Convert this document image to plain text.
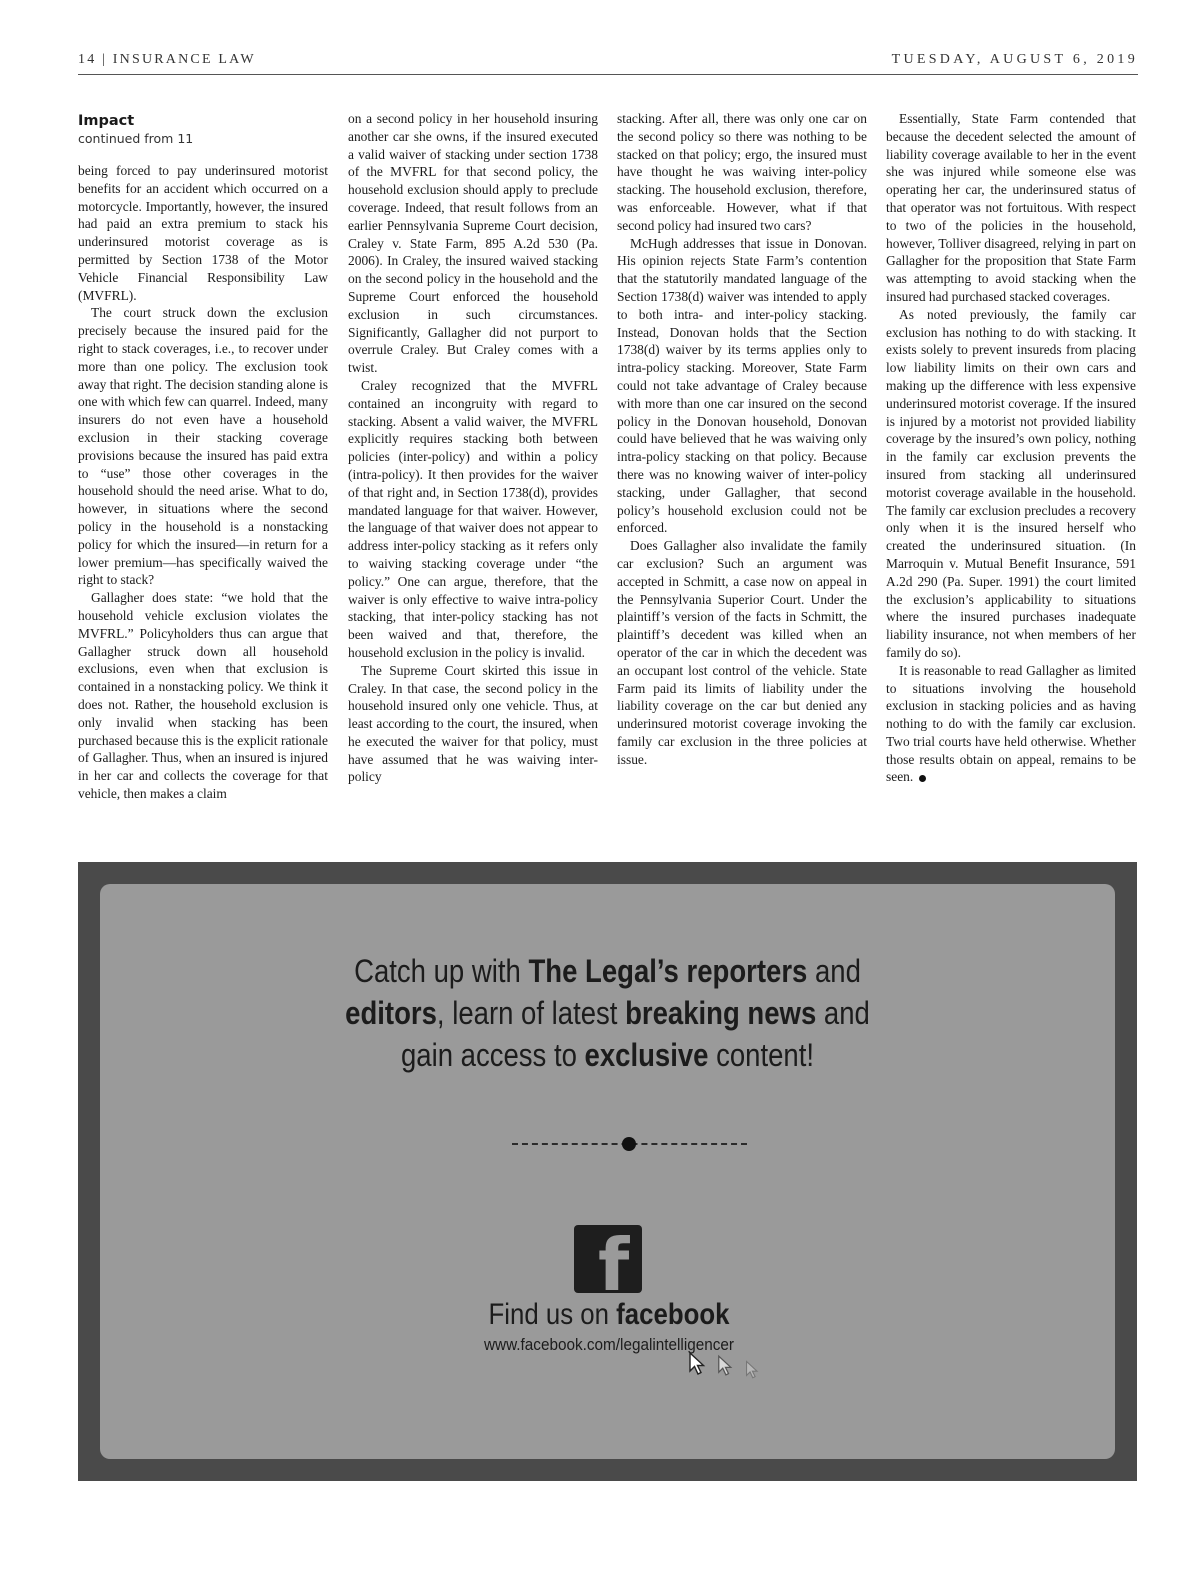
14 | INSURANCE LAW	TUESDAY, AUGUST 6, 2019
Impact
continued from 11

being forced to pay underinsured motorist benefits for an accident which occurred on a motorcycle. Importantly, however, the insured had paid an extra premium to stack his underinsured motorist coverage as is permitted by Section 1738 of the Motor Vehicle Financial Responsibility Law (MVFRL).

The court struck down the exclusion precisely because the insured paid for the right to stack coverages, i.e., to recover under more than one policy. The exclusion took away that right. The decision standing alone is one with which few can quarrel. Indeed, many insurers do not even have a household exclusion in their stacking coverage provisions because the insured has paid extra to “use” those other coverages in the household should the need arise. What to do, however, in situations where the second policy in the household is a nonstacking policy for which the insured—in return for a lower premium—has specifically waived the right to stack?

Gallagher does state: “we hold that the household vehicle exclusion violates the MVFRL.” Policyholders thus can argue that Gallagher struck down all household exclusions, even when that exclusion is contained in a nonstacking policy. We think it does not. Rather, the household exclusion is only invalid when stacking has been purchased because this is the explicit rationale of Gallagher. Thus, when an insured is injured in her car and collects the coverage for that vehicle, then makes a claim

on a second policy in her household insuring another car she owns, if the insured executed a valid waiver of stacking under section 1738 of the MVFRL for that second policy, the household exclusion should apply to preclude coverage. Indeed, that result follows from an earlier Pennsylvania Supreme Court decision, Craley v. State Farm, 895 A.2d 530 (Pa. 2006). In Craley, the insured waived stacking on the second policy in the household and the Supreme Court enforced the household exclusion in such circumstances. Significantly, Gallagher did not purport to overrule Craley. But Craley comes with a twist.

Craley recognized that the MVFRL contained an incongruity with regard to stacking. Absent a valid waiver, the MVFRL explicitly requires stacking both between policies (inter-policy) and within a policy (intra-policy). It then provides for the waiver of that right and, in Section 1738(d), provides mandated language for that waiver. However, the language of that waiver does not appear to address inter-policy stacking as it refers only to waiving stacking coverage under “the policy.” One can argue, therefore, that the waiver is only effective to waive intra-policy stacking, that inter-policy stacking has not been waived and that, therefore, the household exclusion in the policy is invalid.

The Supreme Court skirted this issue in Craley. In that case, the second policy in the household insured only one vehicle. Thus, at least according to the court, the insured, when he executed the waiver for that policy, must have assumed that he was waiving inter-policy

stacking. After all, there was only one car on the second policy so there was nothing to be stacked on that policy; ergo, the insured must have thought he was waiving inter-policy stacking. The household exclusion, therefore, was enforceable. However, what if that second policy had insured two cars?

McHugh addresses that issue in Donovan. His opinion rejects State Farm’s contention that the statutorily mandated language of the Section 1738(d) waiver was intended to apply to both intra- and inter-policy stacking. Instead, Donovan holds that the Section 1738(d) waiver by its terms applies only to intra-policy stacking. Moreover, State Farm could not take advantage of Craley because with more than one car insured on the second policy in the Donovan household, Donovan could have believed that he was waiving only intra-policy stacking on that policy. Because there was no knowing waiver of inter-policy stacking, under Gallagher, that second policy’s household exclusion could not be enforced.

Does Gallagher also invalidate the family car exclusion? Such an argument was accepted in Schmitt, a case now on appeal in the Pennsylvania Superior Court. Under the plaintiff’s version of the facts in Schmitt, the plaintiff’s decedent was killed when an operator of the car in which the decedent was an occupant lost control of the vehicle. State Farm paid its limits of liability under the liability coverage on the car but denied any underinsured motorist coverage invoking the family car exclusion in the three policies at issue.

Essentially, State Farm contended that because the decedent selected the amount of liability coverage available to her in the event she was injured while someone else was operating her car, the underinsured status of that operator was not fortuitous. With respect to two of the policies in the household, however, Tolliver disagreed, relying in part on Gallagher for the proposition that State Farm was attempting to avoid stacking when the insured had purchased stacked coverages.

As noted previously, the family car exclusion has nothing to do with stacking. It exists solely to prevent insureds from placing low liability limits on their own cars and making up the difference with less expensive underinsured motorist coverage. If the insured is injured by a motorist not provided liability coverage by the insured’s own policy, nothing in the family car exclusion prevents the insured from stacking all underinsured motorist coverage available in the household. The family car exclusion precludes a recovery only when it is the insured herself who created the underinsured situation. (In Marroquin v. Mutual Benefit Insurance, 591 A.2d 290 (Pa. Super. 1991) the court limited the exclusion’s applicability to situations where the insured purchases inadequate liability insurance, not when members of her family do so).

It is reasonable to read Gallagher as limited to situations involving the household exclusion in stacking policies and as having nothing to do with the family car exclusion. Two trial courts have held otherwise. Whether those results obtain on appeal, remains to be seen.

Catch up with The Legal’s reporters and
editors, learn of latest breaking news and
gain access to exclusive content!
f
Find us on facebook
www.facebook.com/legalintelligencer
